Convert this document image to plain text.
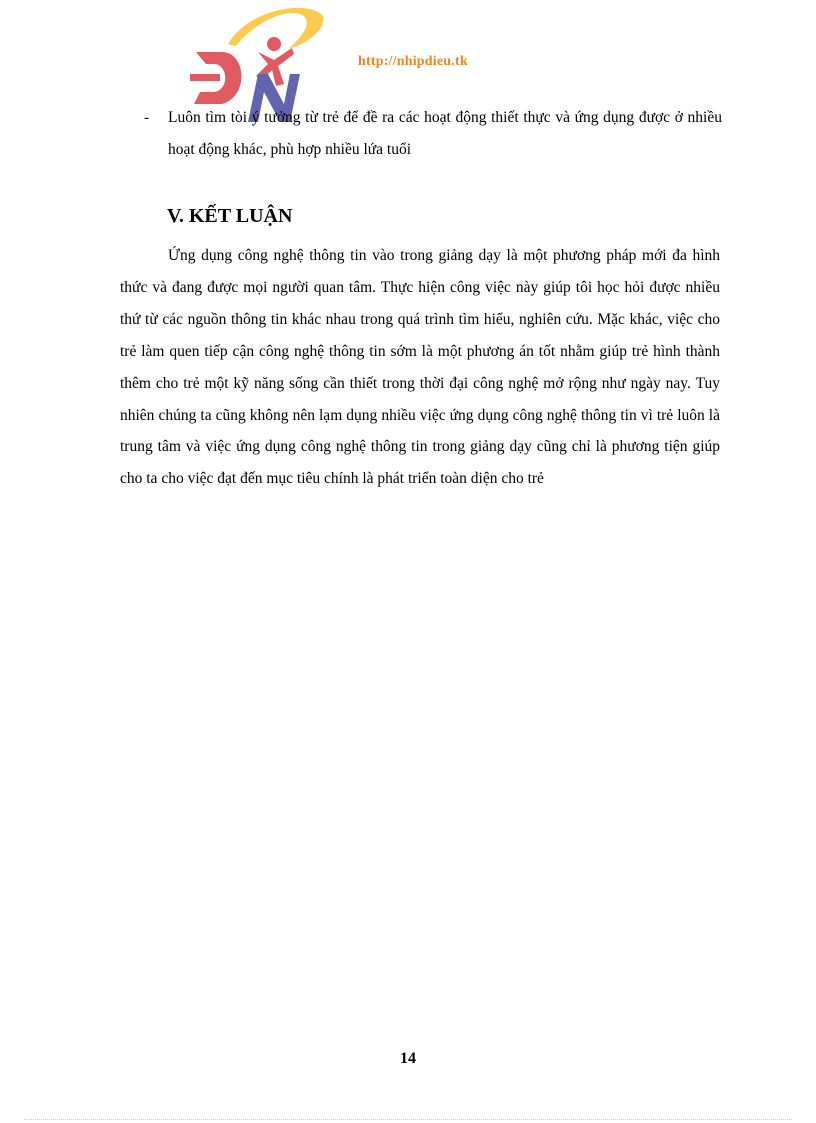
http://nhipdieu.tk
- Luôn tìm tòi ý tưởng từ trẻ để đề ra các hoạt động thiết thực và ứng dụng được ở nhiều hoạt động khác, phù hợp nhiều lứa tuổi
V. KẾT LUẬN

Ứng dụng công nghệ thông tin vào trong giảng dạy là một phương pháp mới đa hình thức và đang được mọi người quan tâm. Thực hiện công việc này giúp tôi học hỏi được nhiều thứ từ các nguồn thông tin khác nhau trong quá trình tìm hiểu, nghiên cứu. Mặc khác, việc cho trẻ làm quen tiếp cận công nghệ thông tin sớm là một phương án tốt nhằm giúp trẻ hình thành thêm cho trẻ một kỹ năng sống cần thiết trong thời đại công nghệ mở rộng như ngày nay. Tuy nhiên chúng ta cũng không nên lạm dụng nhiều việc ứng dụng công nghệ thông tin vì trẻ luôn là trung tâm và việc ứng dụng công nghệ thông tin trong giảng dạy cũng chỉ là phương tiện giúp cho ta cho việc đạt đến mục tiêu chính là phát triển toàn diện cho trẻ

14
